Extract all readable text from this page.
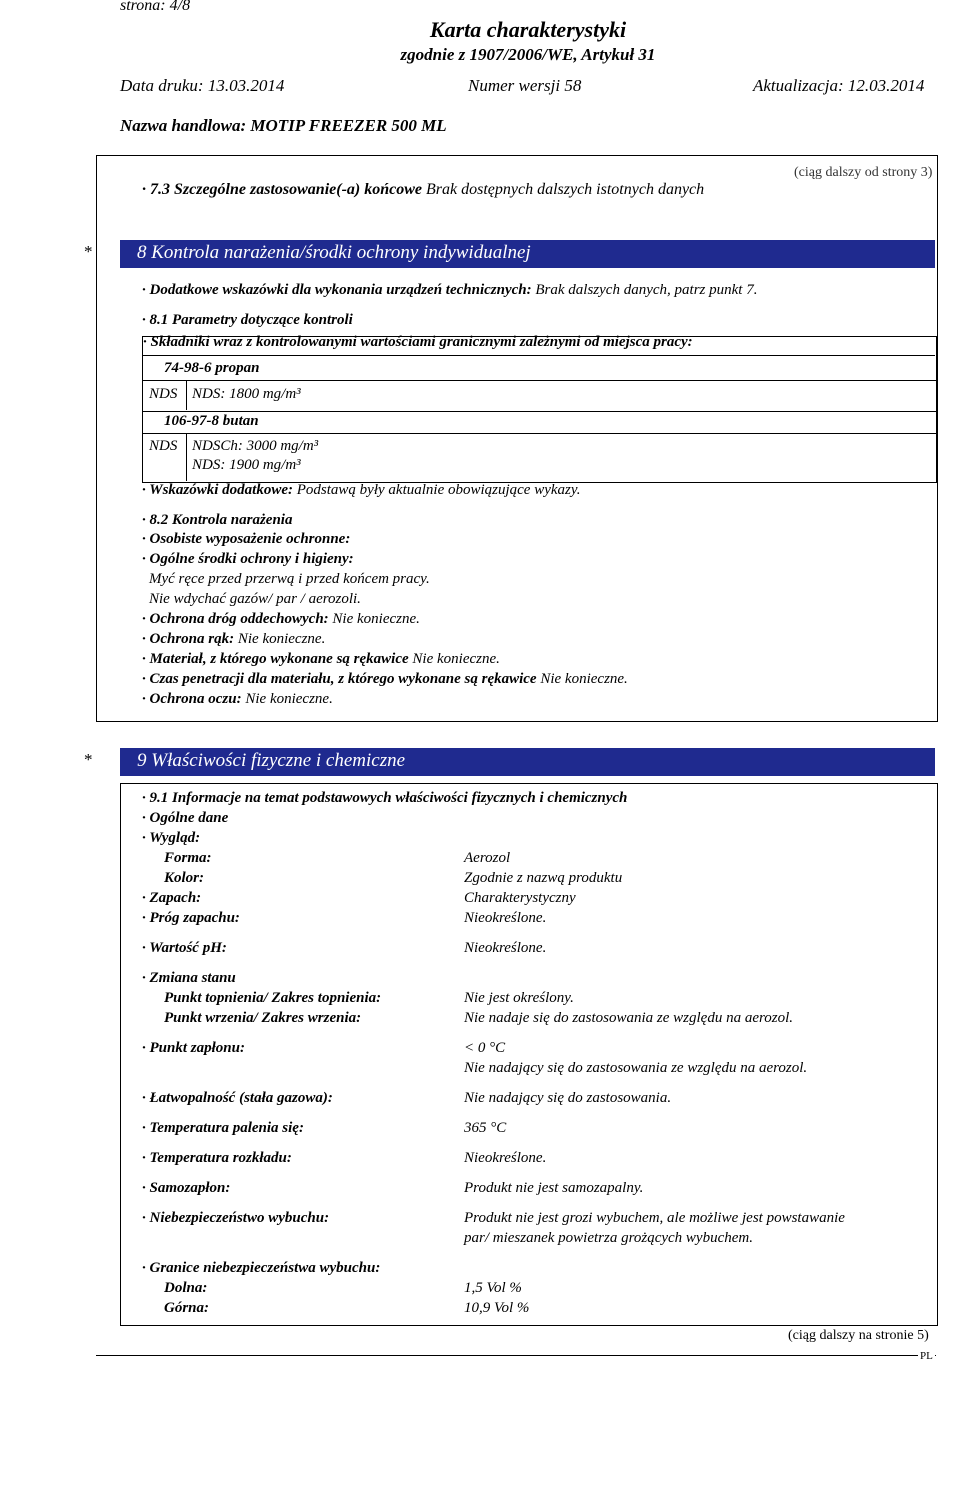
strona: 4/8
Karta charakterystyki
zgodnie z 1907/2006/WE, Artykuł 31
Data druku: 13.03.2014	Numer wersji 58	Aktualizacja: 12.03.2014
Nazwa handlowa: MOTIP FREEZER 500 ML
(ciąg dalszy od strony 3)
· 7.3 Szczególne zastosowanie(-a) końcowe Brak dostępnych dalszych istotnych danych
* 8 Kontrola narażenia/środki ochrony indywidualnej
· Dodatkowe wskazówki dla wykonania urządzeń technicznych: Brak dalszych danych, patrz punkt 7.
· 8.1 Parametry dotyczące kontroli
· Składniki wraz z kontrolowanymi wartościami granicznymi zależnymi od miejsca pracy:
74-98-6 propan
NDS NDS: 1800 mg/m³
106-97-8 butan
NDS NDSCh: 3000 mg/m³
NDS: 1900 mg/m³
· Wskazówki dodatkowe: Podstawą były aktualnie obowiązujące wykazy.
· 8.2 Kontrola narażenia
· Osobiste wyposażenie ochronne:
· Ogólne środki ochrony i higieny:
Myć ręce przed przerwą i przed końcem pracy.
Nie wdychać gazów/ par / aerozoli.
· Ochrona dróg oddechowych: Nie konieczne.
· Ochrona rąk: Nie konieczne.
· Materiał, z którego wykonane są rękawice Nie konieczne.
· Czas penetracji dla materiału, z którego wykonane są rękawice Nie konieczne.
· Ochrona oczu: Nie konieczne.
* 9 Właściwości fizyczne i chemiczne
· 9.1 Informacje na temat podstawowych właściwości fizycznych i chemicznych
· Ogólne dane
· Wygląd:
Forma:	Aerozol
Kolor:	Zgodnie z nazwą produktu
· Zapach:	Charakterystyczny
· Próg zapachu:	Nieokreślone.
· Wartość pH:	Nieokreślone.
· Zmiana stanu
Punkt topnienia/ Zakres topnienia:	Nie jest określony.
Punkt wrzenia/ Zakres wrzenia:	Nie nadaje się do zastosowania ze względu na aerozol.
· Punkt zapłonu:	< 0 °C
Nie nadający się do zastosowania ze względu na aerozol.
· Łatwopalność (stała gazowa):	Nie nadający się do zastosowania.
· Temperatura palenia się:	365 °C
· Temperatura rozkładu:	Nieokreślone.
· Samozapłon:	Produkt nie jest samozapalny.
· Niebezpieczeństwo wybuchu:	Produkt nie jest grozi wybuchem, ale możliwe jest powstawanie
par/ mieszanek powietrza grożących wybuchem.
· Granice niebezpieczeństwa wybuchu:
Dolna:	1,5 Vol %
Górna:	10,9 Vol %
(ciąg dalszy na stronie 5)
PL
